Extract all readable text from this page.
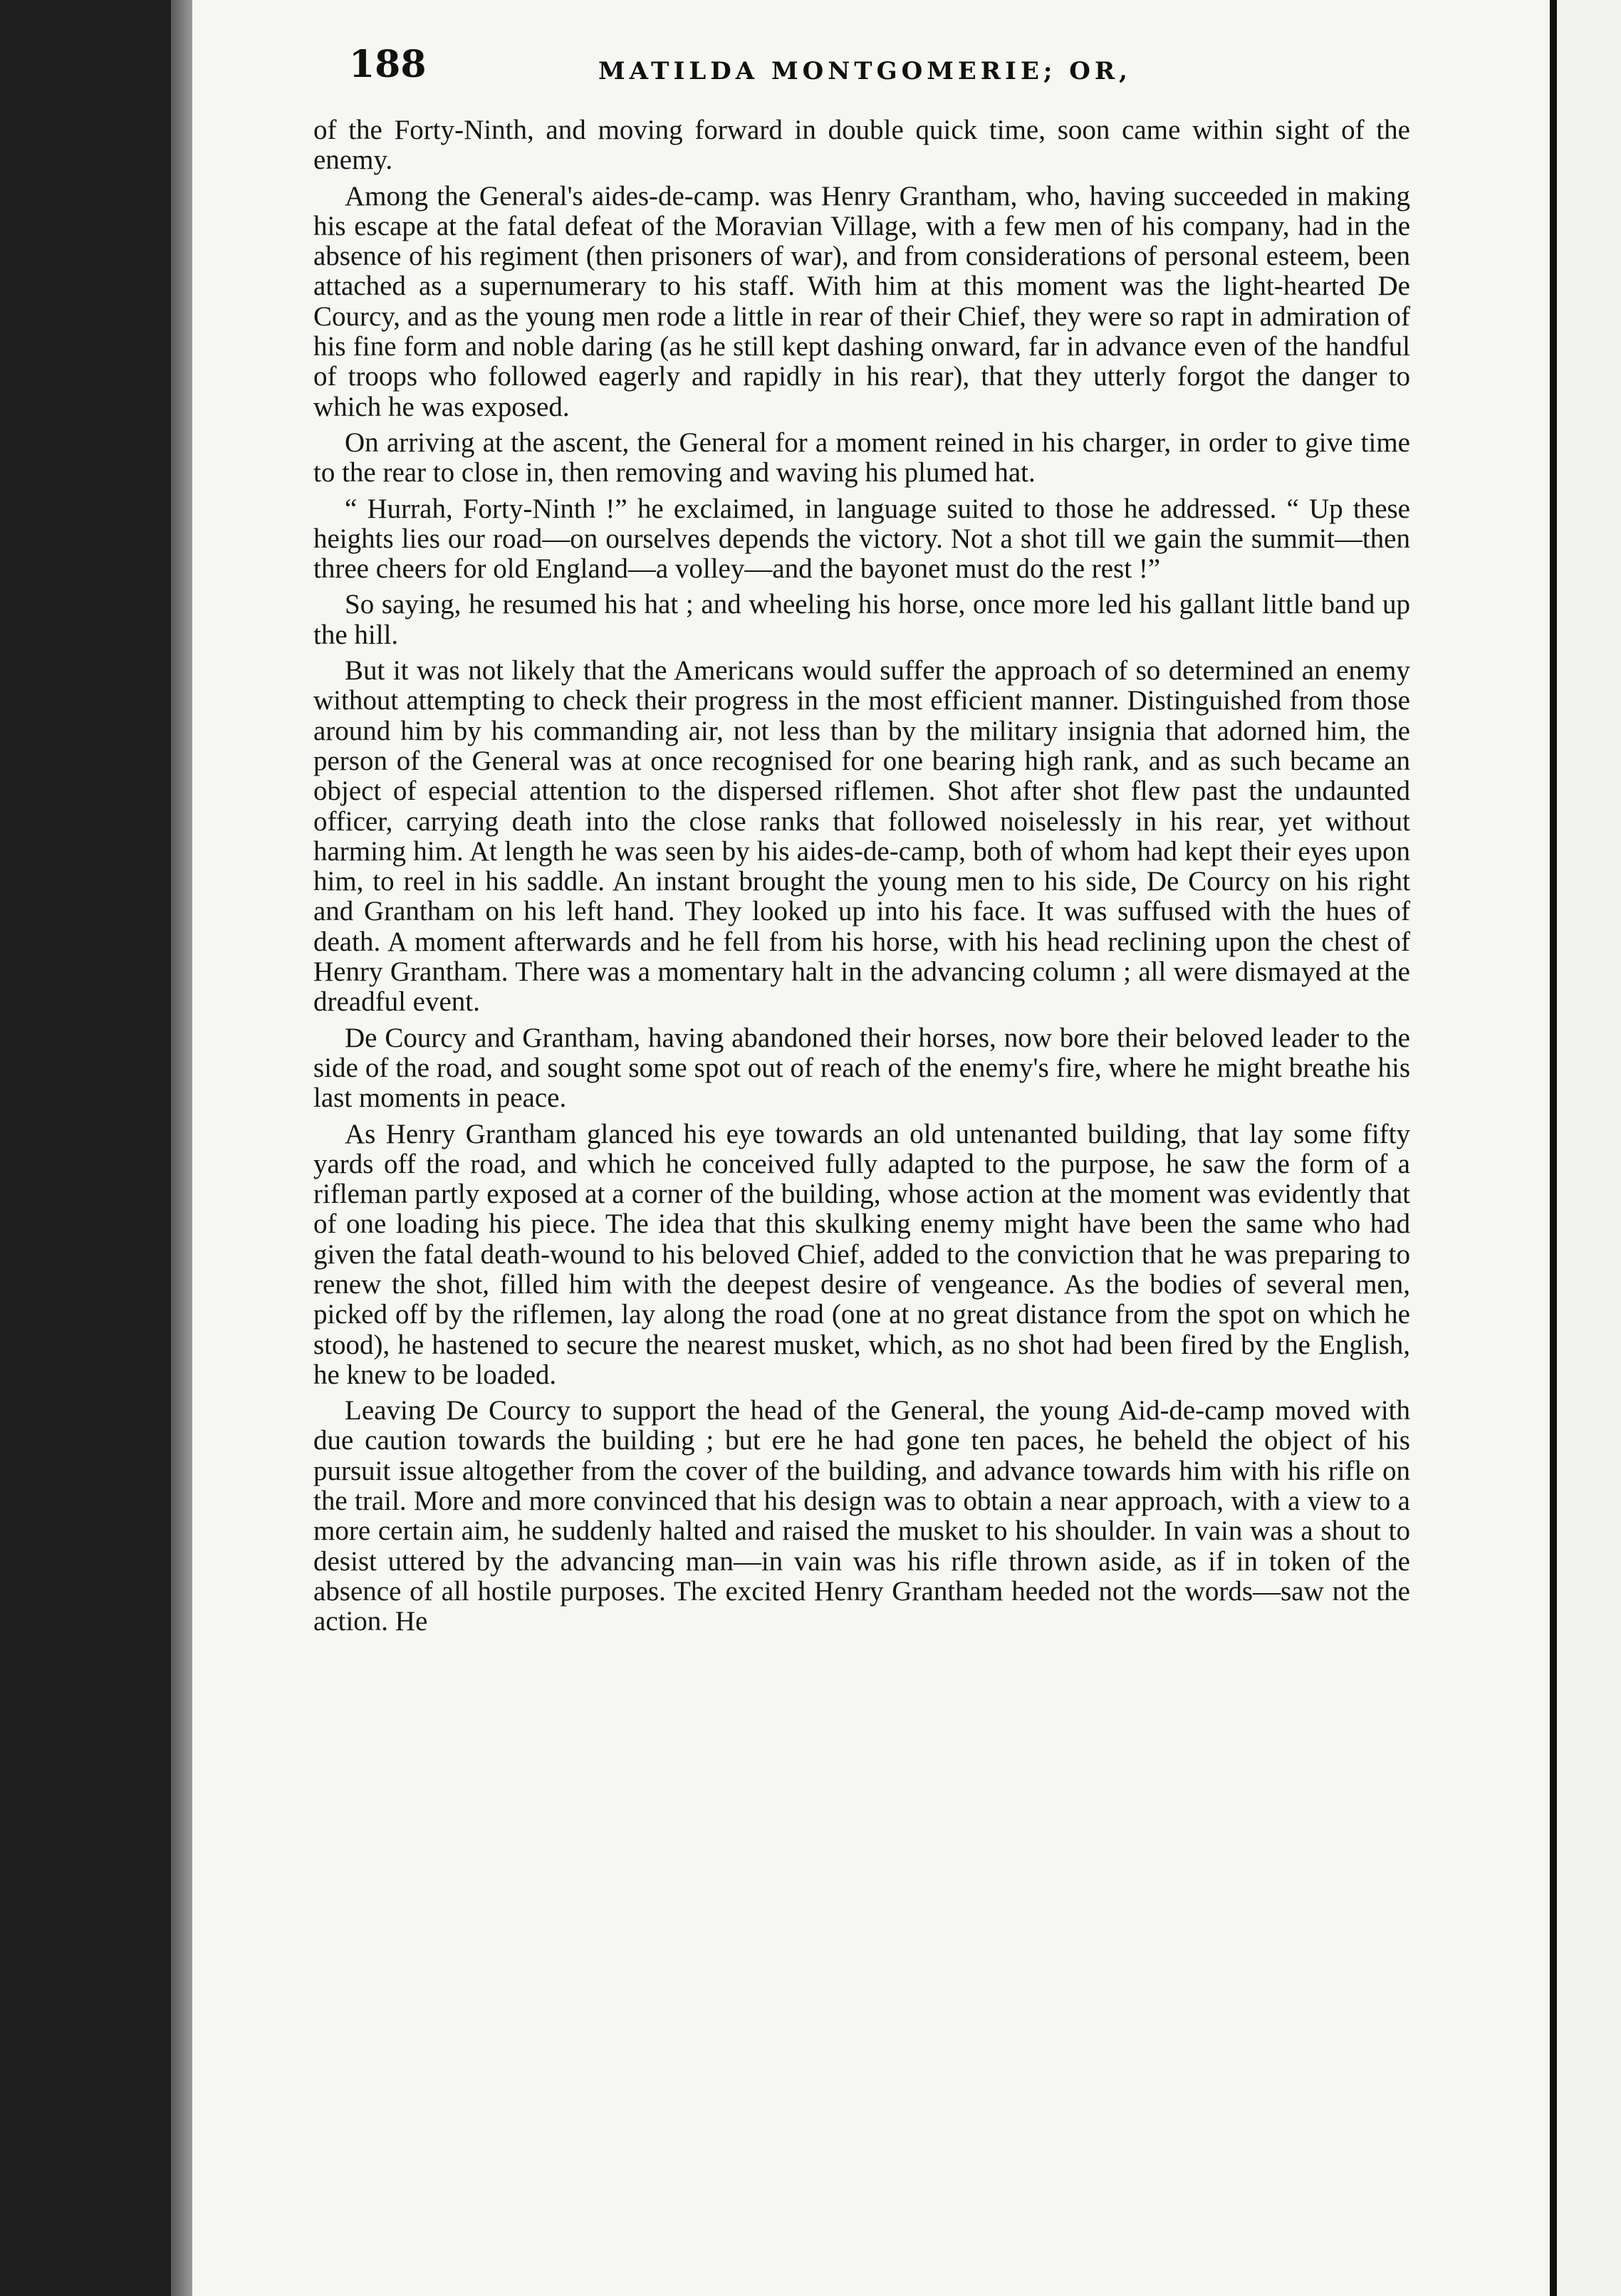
188	MATILDA MONTGOMERIE; OR,

of the Forty-Ninth, and moving forward in double quick time, soon came within sight of the enemy.

Among the General's aides-de-camp. was Henry Grantham, who, having succeeded in making his escape at the fatal defeat of the Moravian Village, with a few men of his company, had in the absence of his regiment (then prisoners of war), and from considerations of personal esteem, been attached as a supernumerary to his staff. With him at this moment was the light-hearted De Courcy, and as the young men rode a little in rear of their Chief, they were so rapt in admiration of his fine form and noble daring (as he still kept dashing onward, far in advance even of the handful of troops who followed eagerly and rapidly in his rear), that they utterly forgot the danger to which he was exposed.

On arriving at the ascent, the General for a moment reined in his charger, in order to give time to the rear to close in, then removing and waving his plumed hat.

“ Hurrah, Forty-Ninth !” he exclaimed, in language suited to those he addressed. “ Up these heights lies our road—on ourselves depends the victory. Not a shot till we gain the summit—then three cheers for old England—a volley—and the bayonet must do the rest !”

So saying, he resumed his hat ; and wheeling his horse, once more led his gallant little band up the hill.

But it was not likely that the Americans would suffer the approach of so determined an enemy without attempting to check their progress in the most efficient manner. Distinguished from those around him by his commanding air, not less than by the military insignia that adorned him, the person of the General was at once recognised for one bearing high rank, and as such became an object of especial attention to the dispersed riflemen. Shot after shot flew past the undaunted officer, carrying death into the close ranks that followed noiselessly in his rear, yet without harming him. At length he was seen by his aides-de-camp, both of whom had kept their eyes upon him, to reel in his saddle. An instant brought the young men to his side, De Courcy on his right and Grantham on his left hand. They looked up into his face. It was suffused with the hues of death. A moment afterwards and he fell from his horse, with his head reclining upon the chest of Henry Grantham. There was a momentary halt in the advancing column ; all were dismayed at the dreadful event.

De Courcy and Grantham, having abandoned their horses, now bore their beloved leader to the side of the road, and sought some spot out of reach of the enemy's fire, where he might breathe his last moments in peace.

As Henry Grantham glanced his eye towards an old untenanted building, that lay some fifty yards off the road, and which he conceived fully adapted to the purpose, he saw the form of a rifleman partly exposed at a corner of the building, whose action at the moment was evidently that of one loading his piece. The idea that this skulking enemy might have been the same who had given the fatal death-wound to his beloved Chief, added to the conviction that he was preparing to renew the shot, filled him with the deepest desire of vengeance. As the bodies of several men, picked off by the riflemen, lay along the road (one at no great distance from the spot on which he stood), he hastened to secure the nearest musket, which, as no shot had been fired by the English, he knew to be loaded.

Leaving De Courcy to support the head of the General, the young Aid-de-camp moved with due caution towards the building ; but ere he had gone ten paces, he beheld the object of his pursuit issue altogether from the cover of the building, and advance towards him with his rifle on the trail. More and more convinced that his design was to obtain a near approach, with a view to a more certain aim, he suddenly halted and raised the musket to his shoulder. In vain was a shout to desist uttered by the advancing man—in vain was his rifle thrown aside, as if in token of the absence of all hostile purposes. The excited Henry Grantham heeded not the words—saw not the action. He
